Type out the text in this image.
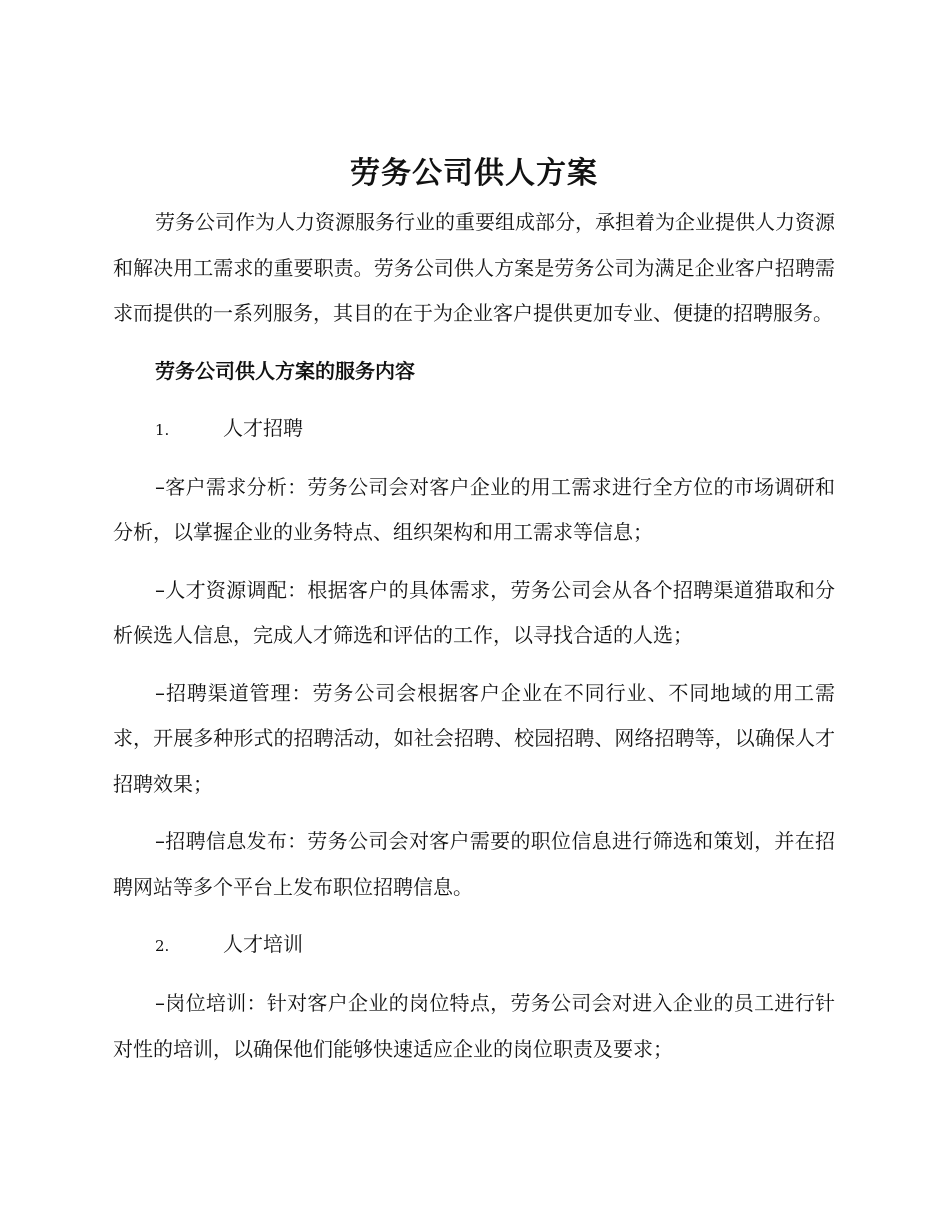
劳务公司供人方案

劳务公司作为人力资源服务行业的重要组成部分，承担着为企业提供人力资源和解决用工需求的重要职责。劳务公司供人方案是劳务公司为满足企业客户招聘需求而提供的一系列服务，其目的在于为企业客户提供更加专业、便捷的招聘服务。

劳务公司供人方案的服务内容

1.	人才招聘

–客户需求分析：劳务公司会对客户企业的用工需求进行全方位的市场调研和分析，以掌握企业的业务特点、组织架构和用工需求等信息；

–人才资源调配：根据客户的具体需求，劳务公司会从各个招聘渠道猎取和分析候选人信息，完成人才筛选和评估的工作，以寻找合适的人选；

–招聘渠道管理：劳务公司会根据客户企业在不同行业、不同地域的用工需求，开展多种形式的招聘活动，如社会招聘、校园招聘、网络招聘等，以确保人才招聘效果；

–招聘信息发布：劳务公司会对客户需要的职位信息进行筛选和策划，并在招聘网站等多个平台上发布职位招聘信息。

2.	人才培训

–岗位培训：针对客户企业的岗位特点，劳务公司会对进入企业的员工进行针对性的培训，以确保他们能够快速适应企业的岗位职责及要求；
